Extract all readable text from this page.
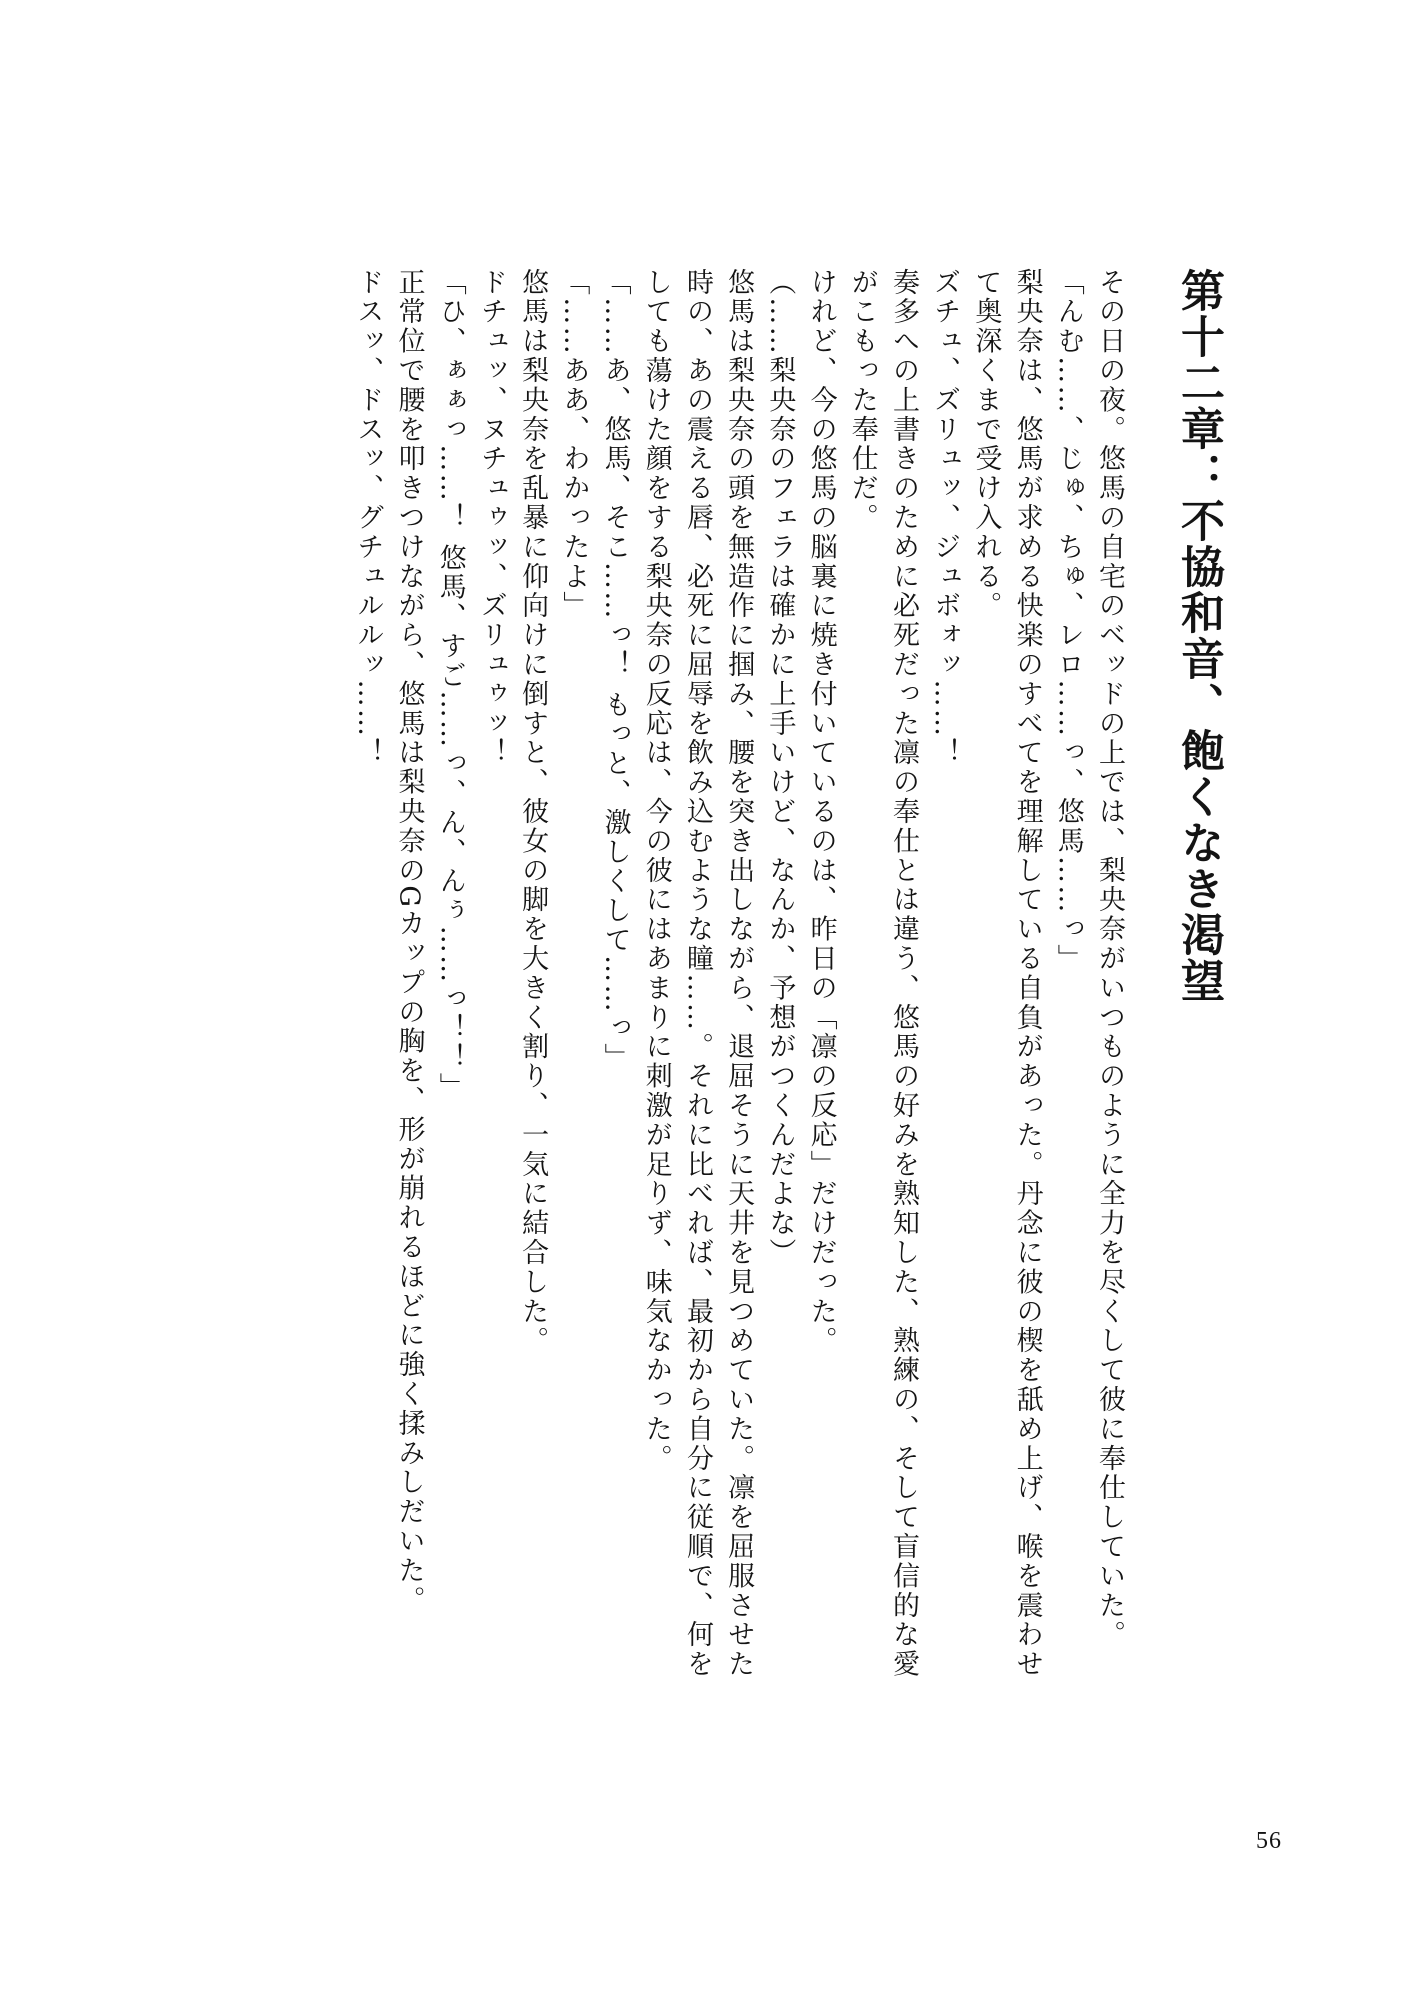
第十二章：不協和音、飽くなき渇望

その日の夜。悠馬の自宅のベッドの上では、梨央奈がいつものように全力を尽くして彼に奉仕していた。

「んむ……、じゅ、ちゅ、レロ……っ、悠馬……っ」

梨央奈は、悠馬が求める快楽のすべてを理解している自負があった。丹念に彼の楔を舐め上げ、喉を震わせて奥深くまで受け入れる。

ズチュ、ズリュッ、ジュボォッ……！

奏多への上書きのために必死だった凛の奉仕とは違う、悠馬の好みを熟知した、熟練の、そして盲信的な愛がこもった奉仕だ。

けれど、今の悠馬の脳裏に焼き付いているのは、昨日の「凛の反応」だけだった。

（……梨央奈のフェラは確かに上手いけど、なんか、予想がつくんだよな）

悠馬は梨央奈の頭を無造作に掴み、腰を突き出しながら、退屈そうに天井を見つめていた。凛を屈服させた時の、あの震える唇、必死に屈辱を飲み込むような瞳……。それに比べれば、最初から自分に従順で、何をしても蕩けた顔をする梨央奈の反応は、今の彼にはあまりに刺激が足りず、味気なかった。

「……あ、悠馬、そこ……っ！ もっと、激しくして……っ」

「……ああ、わかったよ」

悠馬は梨央奈を乱暴に仰向けに倒すと、彼女の脚を大きく割り、一気に結合した。

ドチュッ、ヌチュゥッ、ズリュゥッ！

「ひ、ぁぁっ……！ 悠馬、すご……っ、ん、んぅ……っ！！」

正常位で腰を叩きつけながら、悠馬は梨央奈のGカップの胸を、形が崩れるほどに強く揉みしだいた。

ドスッ、ドスッ、グチュルルッ……！

56
